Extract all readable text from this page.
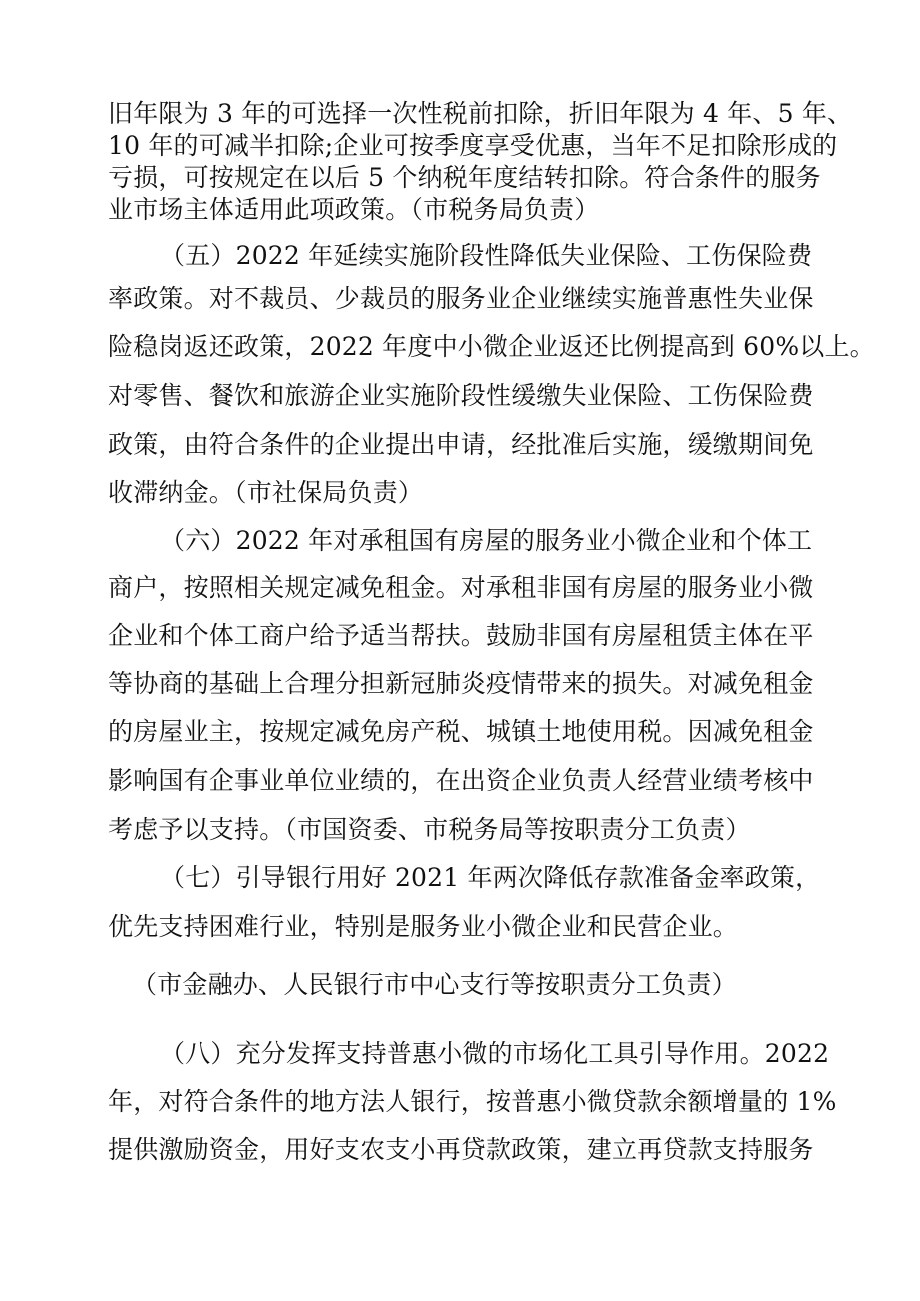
旧年限为 3 年的可选择一次性税前扣除，折旧年限为 4 年、5 年、
10 年的可减半扣除;企业可按季度享受优惠，当年不足扣除形成的
亏损，可按规定在以后 5 个纳税年度结转扣除。符合条件的服务
业市场主体适用此项政策。（市税务局负责）
（五）2022 年延续实施阶段性降低失业保险、工伤保险费
率政策。对不裁员、少裁员的服务业企业继续实施普惠性失业保
险稳岗返还政策，2022 年度中小微企业返还比例提高到 60%以上。
对零售、餐饮和旅游企业实施阶段性缓缴失业保险、工伤保险费
政策，由符合条件的企业提出申请，经批准后实施，缓缴期间免
收滞纳金。（市社保局负责）
（六）2022 年对承租国有房屋的服务业小微企业和个体工
商户，按照相关规定减免租金。对承租非国有房屋的服务业小微
企业和个体工商户给予适当帮扶。鼓励非国有房屋租赁主体在平
等协商的基础上合理分担新冠肺炎疫情带来的损失。对减免租金
的房屋业主，按规定减免房产税、城镇土地使用税。因减免租金
影响国有企事业单位业绩的，在出资企业负责人经营业绩考核中
考虑予以支持。（市国资委、市税务局等按职责分工负责）
（七）引导银行用好 2021 年两次降低存款准备金率政策，
优先支持困难行业，特别是服务业小微企业和民营企业。
（市金融办、人民银行市中心支行等按职责分工负责）
（八）充分发挥支持普惠小微的市场化工具引导作用。2022
年，对符合条件的地方法人银行，按普惠小微贷款余额增量的 1%
提供激励资金，用好支农支小再贷款政策，建立再贷款支持服务
